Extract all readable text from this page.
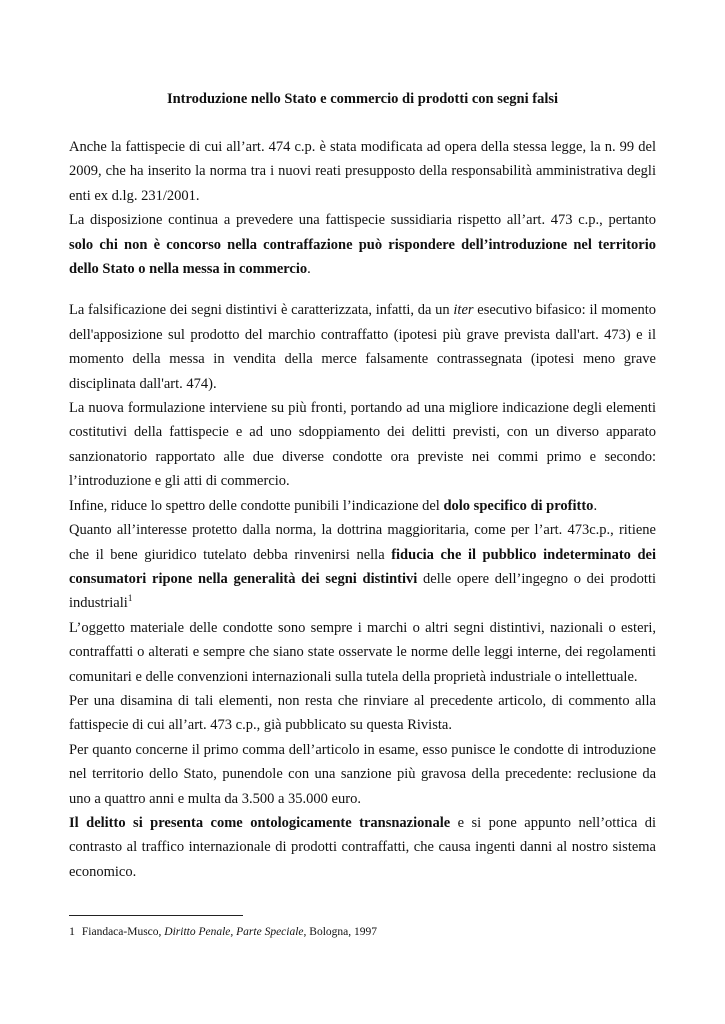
Introduzione nello Stato e commercio di prodotti con segni falsi

Anche la fattispecie di cui all’art. 474 c.p. è stata modificata ad opera della stessa legge, la n. 99 del 2009, che ha inserito la norma tra i nuovi reati presupposto della responsabilità amministrativa degli enti ex d.lg. 231/2001.

La disposizione continua a prevedere una fattispecie sussidiaria rispetto all’art. 473 c.p., pertanto solo chi non è concorso nella contraffazione può rispondere dell’introduzione nel territorio dello Stato o nella messa in commercio.

La falsificazione dei segni distintivi è caratterizzata, infatti, da un iter esecutivo bifasico: il momento dell'apposizione sul prodotto del marchio contraffatto (ipotesi più grave prevista dall'art. 473) e il momento della messa in vendita della merce falsamente contrassegnata (ipotesi meno grave disciplinata dall'art. 474).

La nuova formulazione interviene su più fronti, portando ad una migliore indicazione degli elementi costitutivi della fattispecie e ad uno sdoppiamento dei delitti previsti, con un diverso apparato sanzionatorio rapportato alle due diverse condotte ora previste nei commi primo e secondo: l’introduzione e gli atti di commercio.

Infine, riduce lo spettro delle condotte punibili l’indicazione del dolo specifico di profitto.

Quanto all’interesse protetto dalla norma, la dottrina maggioritaria, come per l’art. 473c.p., ritiene che il bene giuridico tutelato debba rinvenirsi nella fiducia che il pubblico indeterminato dei consumatori ripone nella generalità dei segni distintivi delle opere dell’ingegno o dei prodotti industriali$^1$

L’oggetto materiale delle condotte sono sempre i marchi o altri segni distintivi, nazionali o esteri, contraffatti o alterati e sempre che siano state osservate le norme delle leggi interne, dei regolamenti comunitari e delle convenzioni internazionali sulla tutela della proprietà industriale o intellettuale.

Per una disamina di tali elementi, non resta che rinviare al precedente articolo, di commento alla fattispecie di cui all’art. 473 c.p., già pubblicato su questa Rivista.

Per quanto concerne il primo comma dell’articolo in esame, esso punisce le condotte di introduzione nel territorio dello Stato, punendole con una sanzione più gravosa della precedente: reclusione da uno a quattro anni e multa da 3.500 a 35.000 euro.

Il delitto si presenta come ontologicamente transnazionale e si pone appunto nell’ottica di contrasto al traffico internazionale di prodotti contraffatti, che causa ingenti danni al nostro sistema economico.

1 Fiandaca-Musco, Diritto Penale, Parte Speciale, Bologna, 1997
